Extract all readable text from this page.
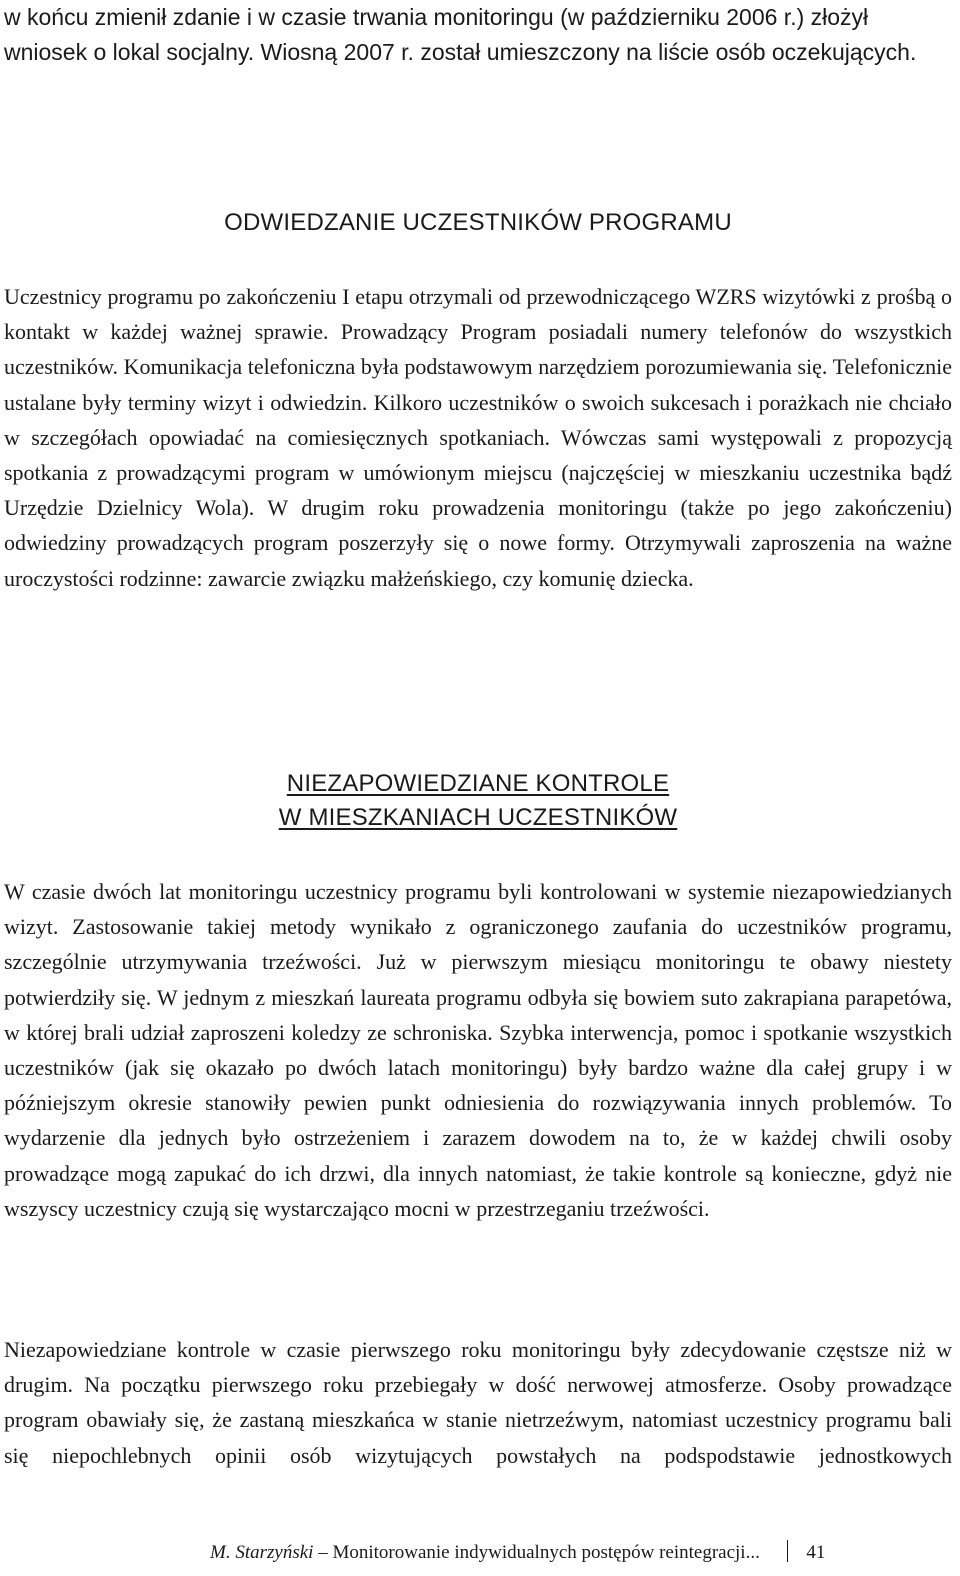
w końcu zmienił zdanie i w czasie trwania monitoringu (w październiku 2006 r.) złożył wniosek o lokal socjalny. Wiosną 2007 r. został umieszczony na liście osób oczekujących.

ODWIEDZANIE UCZESTNIKÓW PROGRAMU

Uczestnicy programu po zakończeniu I etapu otrzymali od przewodniczącego WZRS wizytówki z prośbą o kontakt w każdej ważnej sprawie. Prowadzący Program posiadali numery telefonów do wszystkich uczestników. Komunikacja telefoniczna była podstawowym narzędziem porozumiewania się. Telefonicznie ustalane były terminy wizyt i odwiedzin. Kilkoro uczestników o swoich sukcesach i porażkach nie chciało w szczegółach opowiadać na comiesięcznych spotkaniach. Wówczas sami występowali z propozycją spotkania z prowadzącymi program w umówionym miejscu (najczęściej w mieszkaniu uczestnika bądź Urzędzie Dzielnicy Wola). W drugim roku prowadzenia monitoringu (także po jego zakończeniu) odwiedziny prowadzących program poszerzyły się o nowe formy. Otrzymywali zaproszenia na ważne uroczystości rodzinne: zawarcie związku małżeńskiego, czy komunię dziecka.

NIEZAPOWIEDZIANE KONTROLE
W MIESZKANIACH UCZESTNIKÓW

W czasie dwóch lat monitoringu uczestnicy programu byli kontrolowani w systemie niezapowiedzianych wizyt. Zastosowanie takiej metody wynikało z ograniczonego zaufania do uczestników programu, szczególnie utrzymywania trzeźwości. Już w pierwszym miesiącu monitoringu te obawy niestety potwierdziły się. W jednym z mieszkań laureata programu odbyła się bowiem suto zakrapiana parapetówa, w której brali udział zaproszeni koledzy ze schroniska. Szybka interwencja, pomoc i spotkanie wszystkich uczestników (jak się okazało po dwóch latach monitoringu) były bardzo ważne dla całej grupy i w późniejszym okresie stanowiły pewien punkt odniesienia do rozwiązywania innych problemów. To wydarzenie dla jednych było ostrzeżeniem i zarazem dowodem na to, że w każdej chwili osoby prowadzące mogą zapukać do ich drzwi, dla innych natomiast, że takie kontrole są konieczne, gdyż nie wszyscy uczestnicy czują się wystarczająco mocni w przestrzeganiu trzeźwości.

Niezapowiedziane kontrole w czasie pierwszego roku monitoringu były zdecydowanie częstsze niż w drugim. Na początku pierwszego roku przebiegały w dość nerwowej atmosferze. Osoby prowadzące program obawiały się, że zastaną mieszkańca w stanie nietrzeźwym, natomiast uczestnicy programu bali się niepochlebnych opinii osób wizytujących powstałych na podspodstawie jednostkowych

M. Starzyński – Monitorowanie indywidualnych postępów reintegracji... 41
